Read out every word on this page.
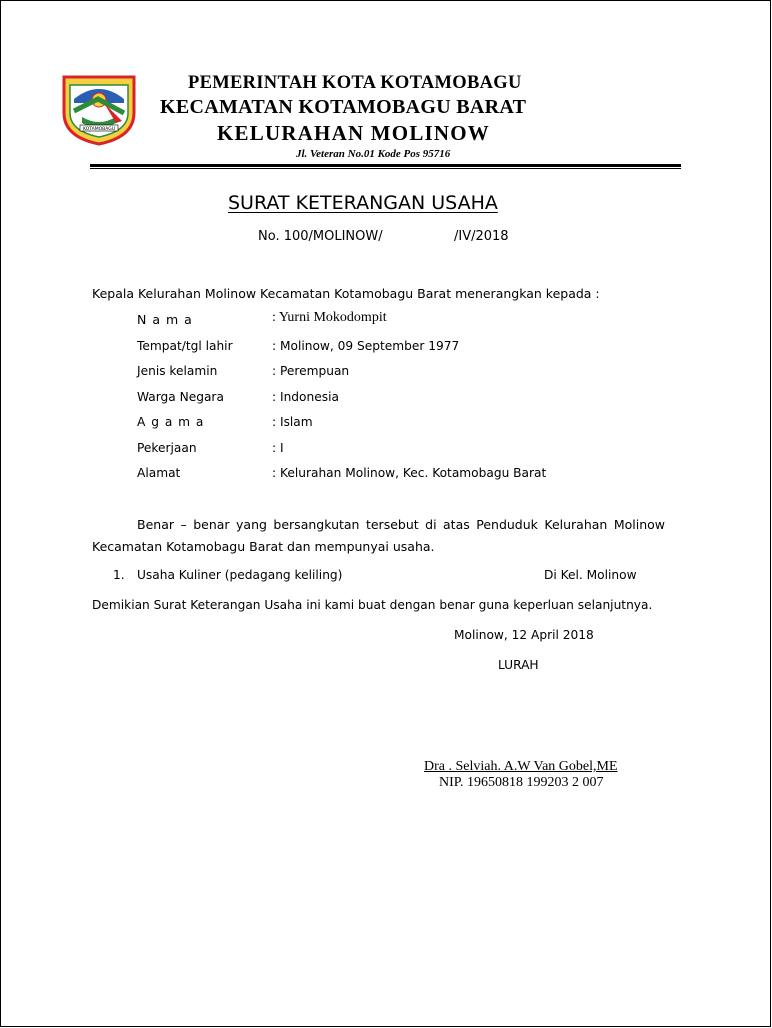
KOTAMOBAGU
PEMERINTAH KOTA KOTAMOBAGU
KECAMATAN KOTAMOBAGU BARAT
KELURAHAN MOLINOW
Jl. Veteran No.01 Kode Pos 95716
SURAT KETERANGAN USAHA
No. 100/MOLINOW/	/IV/2018
Kepala Kelurahan Molinow Kecamatan Kotamobagu Barat menerangkan kepada :
N a m a	: Yurni Mokodompit
Tempat/tgl lahir	: Molinow, 09 September 1977
Jenis kelamin	: Perempuan
Warga Negara	: Indonesia
A g a m a	: Islam
Pekerjaan	: I
Alamat	: Kelurahan Molinow, Kec. Kotamobagu Barat
Benar – benar yang bersangkutan tersebut di atas Penduduk Kelurahan Molinow
Kecamatan Kotamobagu Barat dan mempunyai usaha.
1. Usaha Kuliner (pedagang keliling)	Di Kel. Molinow
Demikian Surat Keterangan Usaha ini kami buat dengan benar guna keperluan selanjutnya.
Molinow, 12 April 2018
LURAH
Dra . Selviah. A.W Van Gobel,ME
NIP. 19650818 199203 2 007
